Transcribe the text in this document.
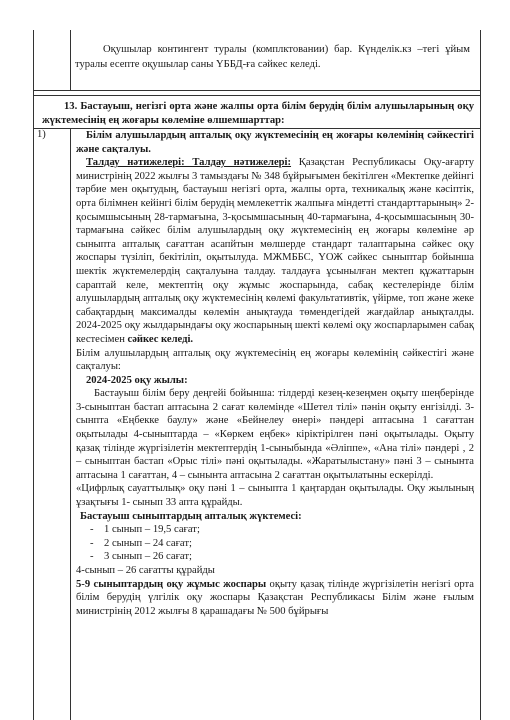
Оқушылар контингент туралы (комплктовании) бар. Күнделік.кз –тегі ұйым туралы есепте оқушылар саны ҮББД-ға сәйкес келеді.

13. Бастауыш, негізгі орта және жалпы орта білім берудің білім алушыларының оқу жүктемесінің ең жоғары көлеміне өлшемшарттар:
1)	Білім алушылардың апталық оқу жүктемесінің ең жоғары көлемінің сәйкестігі және сақталуы.

Талдау нәтижелері: Талдау нәтижелері: Қазақстан Республикасы Оқу-ағарту министрінің 2022 жылғы 3 тамыздағы № 348 бұйрығымен бекітілген «Мектепке дейінгі тәрбие мен оқытудың, бастауыш негізгі орта, жалпы орта, техникалық және кәсіптік, орта білімнен кейінгі білім берудің мемлекеттік жалпыға міндетті стандарттарының» 2-қосымшысының 28-тармағына, 3-қосымшасының 40-тармағына, 4-қосымшасының 30-тармағына сәйкес білім алушылардың оқу жүктемесінің ең жоғары көлеміне әр сыныпта апталық сағаттан асапйтын мөлшерде стандарт талаптарына сәйкес оқу жоспары түзіліп, бекітіліп, оқытылуда. МЖМББС, ҮОЖ сәйкес сыныптар бойынша шектік жүктемелердің сақталуына талдау. талдауға ұсынылған мектеп құжаттарын сараптай келе, мектептің оқу жұмыс жоспарында, сабақ кестелерінде білім алушылардың апталық оқу жүктемесінің көлемі факультативтік, үйірме, топ және жеке сабақтардың максималды көлемін анықтауда төмендегідей жағдайлар анықталды. 2024-2025 оқу жылдарындағы оқу жоспарының шекті көлемі оқу жоспарларымен сабақ кестесімен сәйкес келеді.

Білім алушылардың апталық оқу жүктемесінің ең жоғары көлемінің сәйкестігі және сақталуы:

2024-2025 оқу жылы:

Бастауыш білім беру деңгейі бойынша: тілдерді кезең-кезеңмен оқыту шеңберінде 3-сыныптан бастап аптасына 2 сағат көлемінде «Шетел тілі» пәнін оқыту енгізілді. 3-сынпта «Еңбекке баулу» және «Бейнелеу өнері» пәндері аптасына 1 сағаттан оқытылады 4-сыныптарда – «Көркем еңбек» кіріктірілген пәні оқытылады. Оқыту қазақ тілінде жүргізілетін мектептердің 1-сыныбында «Әліппе», «Ана тілі» пәндері , 2 – сыныптан бастап «Орыс тілі» пәні оқытылады. «Жаратылыстану» пәні 3 – сынынта аптасына 1 сағаттан, 4 – сынынта аптасына 2 сағаттан оқытылатыны ескерілді.

«Цифрлық сауаттылық» оқу пәні 1 – сыныпта 1 қаңтардан оқытылады. Оқу жылының ұзақтығы 1- сынып 33 апта құрайды.

Бастауыш сыныптардың апталық жүктемесі:

- 1 сынып – 19,5 сағат;
- 2 сынып – 24 сағат;
- 3 сынып – 26 сағат;

4-сынып – 26 сағатты құрайды

5-9 сыныптардың оқу жұмыс жоспары оқыту қазақ тілінде жүргізілетін негізгі орта білім берудің үлгілік оқу жоспары Қазақстан Республикасы Білім және ғылым министрінің 2012 жылғы 8 қарашадағы № 500 бұйрығы
